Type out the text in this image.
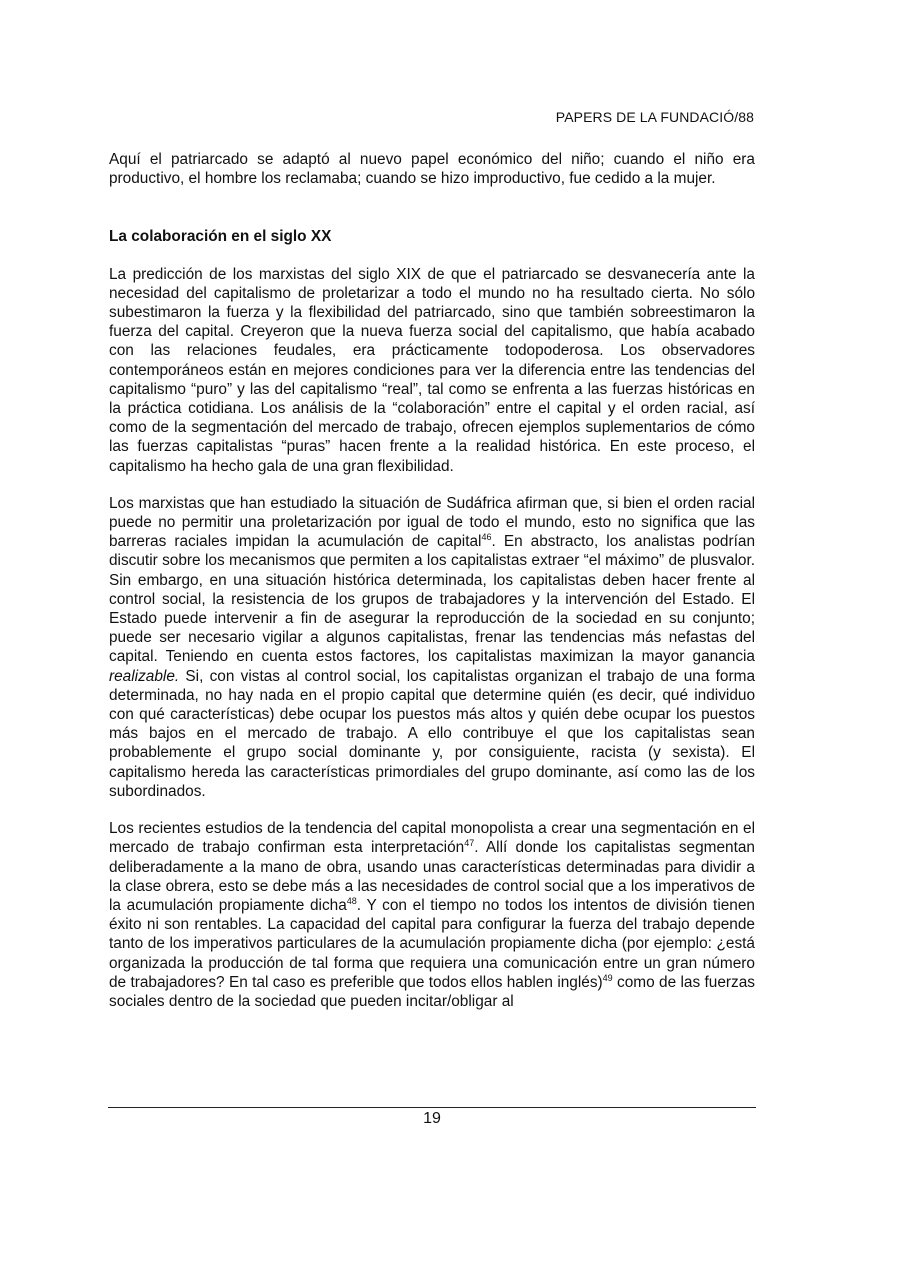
PAPERS DE LA FUNDACIÓ/88

Aquí el patriarcado se adaptó al nuevo papel económico del niño; cuando el niño era productivo, el hombre los reclamaba; cuando se hizo improductivo, fue cedido a la mujer.

La colaboración en el siglo XX

La predicción de los marxistas del siglo XIX de que el patriarcado se desvanecería ante la necesidad del capitalismo de proletarizar a todo el mundo no ha resultado cierta. No sólo subestimaron la fuerza y la flexibilidad del patriarcado, sino que también sobreestimaron la fuerza del capital. Creyeron que la nueva fuerza social del capitalismo, que había acabado con las relaciones feudales, era prácticamente todopoderosa. Los observadores contemporáneos están en mejores condiciones para ver la diferencia entre las tendencias del capitalismo “puro” y las del capitalismo “real”, tal como se enfrenta a las fuerzas históricas en la práctica cotidiana. Los análisis de la “colaboración” entre el capital y el orden racial, así como de la segmentación del mercado de trabajo, ofrecen ejemplos suplementarios de cómo las fuerzas capitalistas “puras” hacen frente a la realidad histórica. En este proceso, el capitalismo ha hecho gala de una gran flexibilidad.

Los marxistas que han estudiado la situación de Sudáfrica afirman que, si bien el orden racial puede no permitir una proletarización por igual de todo el mundo, esto no significa que las barreras raciales impidan la acumulación de capital$^{46}$. En abstracto, los analistas podrían discutir sobre los mecanismos que permiten a los capitalistas extraer “el máximo” de plusvalor. Sin embargo, en una situación histórica determinada, los capitalistas deben hacer frente al control social, la resistencia de los grupos de trabajadores y la intervención del Estado. El Estado puede intervenir a fin de asegurar la reproducción de la sociedad en su conjunto; puede ser necesario vigilar a algunos capitalistas, frenar las tendencias más nefastas del capital. Teniendo en cuenta estos factores, los capitalistas maximizan la mayor ganancia realizable. Si, con vistas al control social, los capitalistas organizan el trabajo de una forma determinada, no hay nada en el propio capital que determine quién (es decir, qué individuo con qué características) debe ocupar los puestos más altos y quién debe ocupar los puestos más bajos en el mercado de trabajo. A ello contribuye el que los capitalistas sean probablemente el grupo social dominante y, por consiguiente, racista (y sexista). El capitalismo hereda las características primordiales del grupo dominante, así como las de los subordinados.

Los recientes estudios de la tendencia del capital monopolista a crear una segmentación en el mercado de trabajo confirman esta interpretación$^{47}$. Allí donde los capitalistas segmentan deliberadamente a la mano de obra, usando unas características determinadas para dividir a la clase obrera, esto se debe más a las necesidades de control social que a los imperativos de la acumulación propiamente dicha$^{48}$. Y con el tiempo no todos los intentos de división tienen éxito ni son rentables. La capacidad del capital para configurar la fuerza del trabajo depende tanto de los imperativos particulares de la acumulación propiamente dicha (por ejemplo: ¿está organizada la producción de tal forma que requiera una comunicación entre un gran número de trabajadores? En tal caso es preferible que todos ellos hablen inglés)$^{49}$ como de las fuerzas sociales dentro de la sociedad que pueden incitar/obligar al

19
